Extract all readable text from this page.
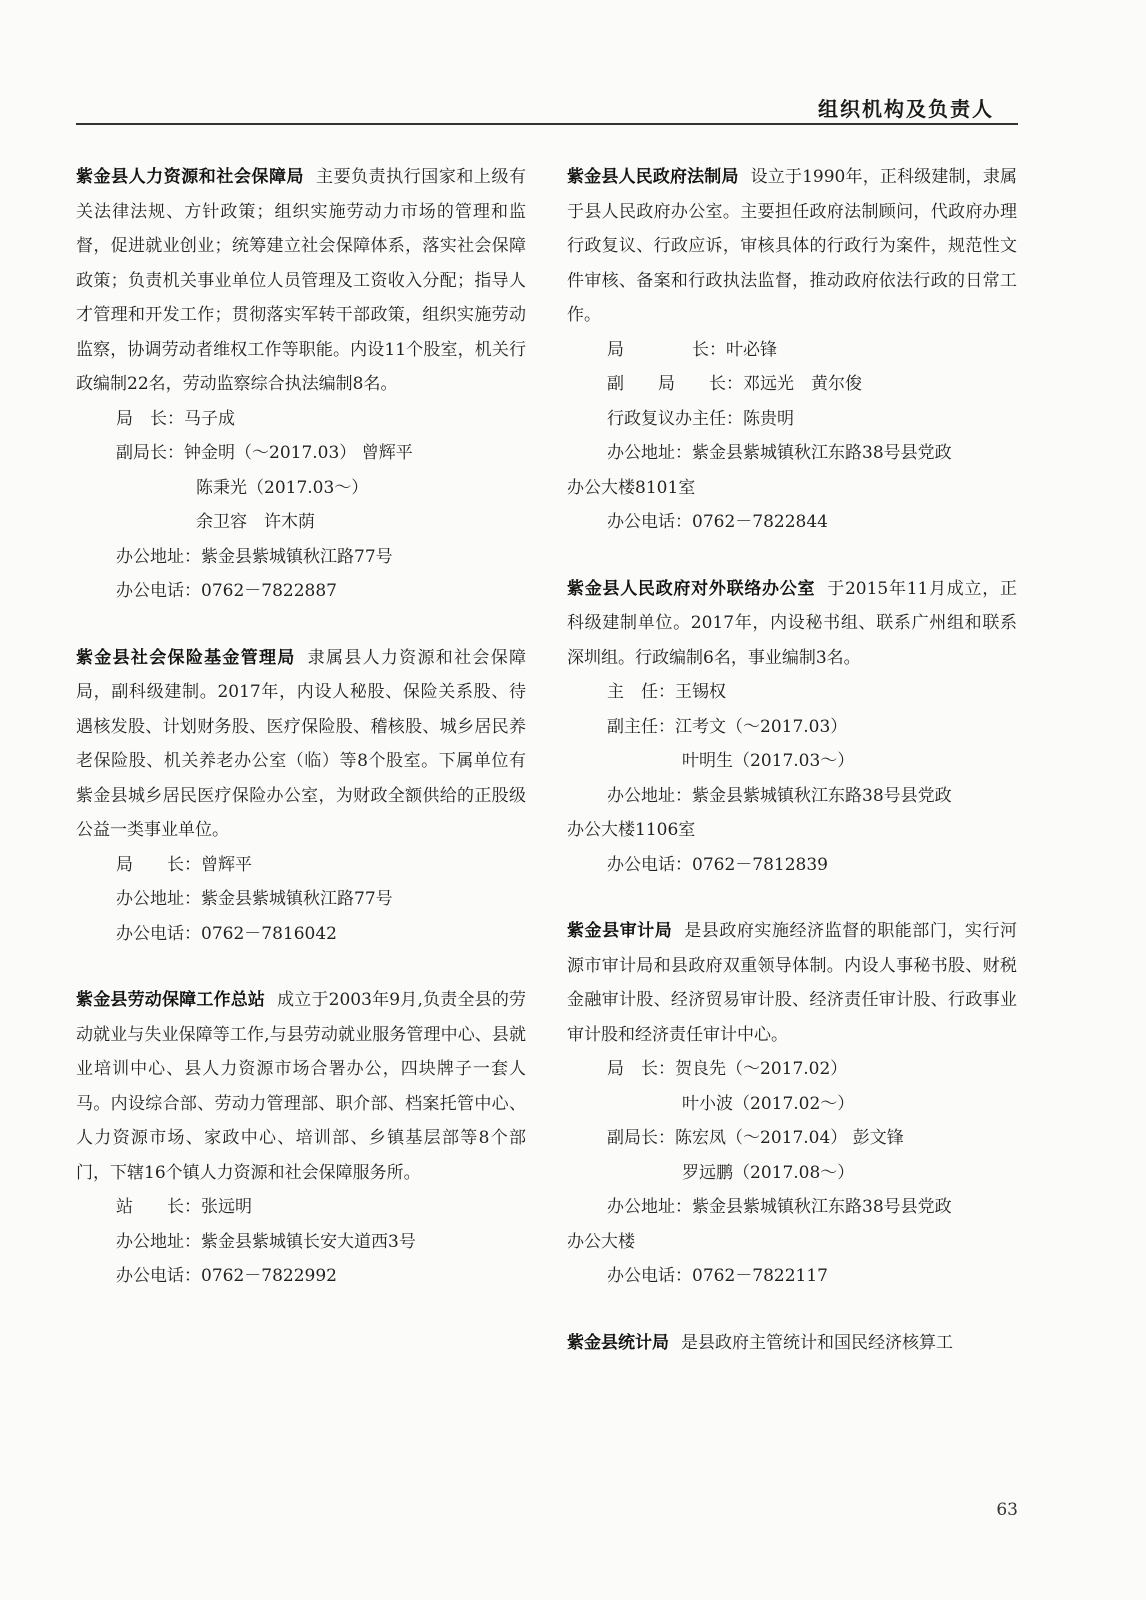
组织机构及负责人

紫金县人力资源和社会保障局 主要负责执行国家和上级有关法律法规、方针政策；组织实施劳动力市场的管理和监督，促进就业创业；统筹建立社会保障体系，落实社会保障政策；负责机关事业单位人员管理及工资收入分配；指导人才管理和开发工作；贯彻落实军转干部政策，组织实施劳动监察，协调劳动者维权工作等职能。内设11个股室，机关行政编制22名，劳动监察综合执法编制8名。

局　长：马子成

副局长：钟金明（～2017.03） 曾辉平

陈秉光（2017.03～）

余卫容　许木荫

办公地址：紫金县紫城镇秋江路77号

办公电话：0762－7822887

紫金县社会保险基金管理局 隶属县人力资源和社会保障局，副科级建制。2017年，内设人秘股、保险关系股、待遇核发股、计划财务股、医疗保险股、稽核股、城乡居民养老保险股、机关养老办公室（临）等8个股室。下属单位有紫金县城乡居民医疗保险办公室，为财政全额供给的正股级公益一类事业单位。

局　　长：曾辉平

办公地址：紫金县紫城镇秋江路77号

办公电话：0762－7816042

紫金县劳动保障工作总站 成立于2003年9月,负责全县的劳动就业与失业保障等工作,与县劳动就业服务管理中心、县就业培训中心、县人力资源市场合署办公，四块牌子一套人马。内设综合部、劳动力管理部、职介部、档案托管中心、人力资源市场、家政中心、培训部、乡镇基层部等8个部门，下辖16个镇人力资源和社会保障服务所。

站　　长：张远明

办公地址：紫金县紫城镇长安大道西3号

办公电话：0762－7822992

紫金县人民政府法制局 设立于1990年，正科级建制，隶属于县人民政府办公室。主要担任政府法制顾问，代政府办理行政复议、行政应诉，审核具体的行政行为案件，规范性文件审核、备案和行政执法监督，推动政府依法行政的日常工作。

局　　　　长：叶必锋

副　　局　　长：邓远光　黄尔俊

行政复议办主任：陈贵明

办公地址：紫金县紫城镇秋江东路38号县党政

办公大楼8101室

办公电话：0762－7822844

紫金县人民政府对外联络办公室 于2015年11月成立，正科级建制单位。2017年，内设秘书组、联系广州组和联系深圳组。行政编制6名，事业编制3名。

主　任：王锡权

副主任：江考文（～2017.03）

叶明生（2017.03～）

办公地址：紫金县紫城镇秋江东路38号县党政

办公大楼1106室

办公电话：0762－7812839

紫金县审计局 是县政府实施经济监督的职能部门，实行河源市审计局和县政府双重领导体制。内设人事秘书股、财税金融审计股、经济贸易审计股、经济责任审计股、行政事业审计股和经济责任审计中心。

局　长：贺良先（～2017.02）

叶小波（2017.02～）

副局长：陈宏凤（～2017.04） 彭文锋

罗远鹏（2017.08～）

办公地址：紫金县紫城镇秋江东路38号县党政

办公大楼

办公电话：0762－7822117

紫金县统计局 是县政府主管统计和国民经济核算工

63
